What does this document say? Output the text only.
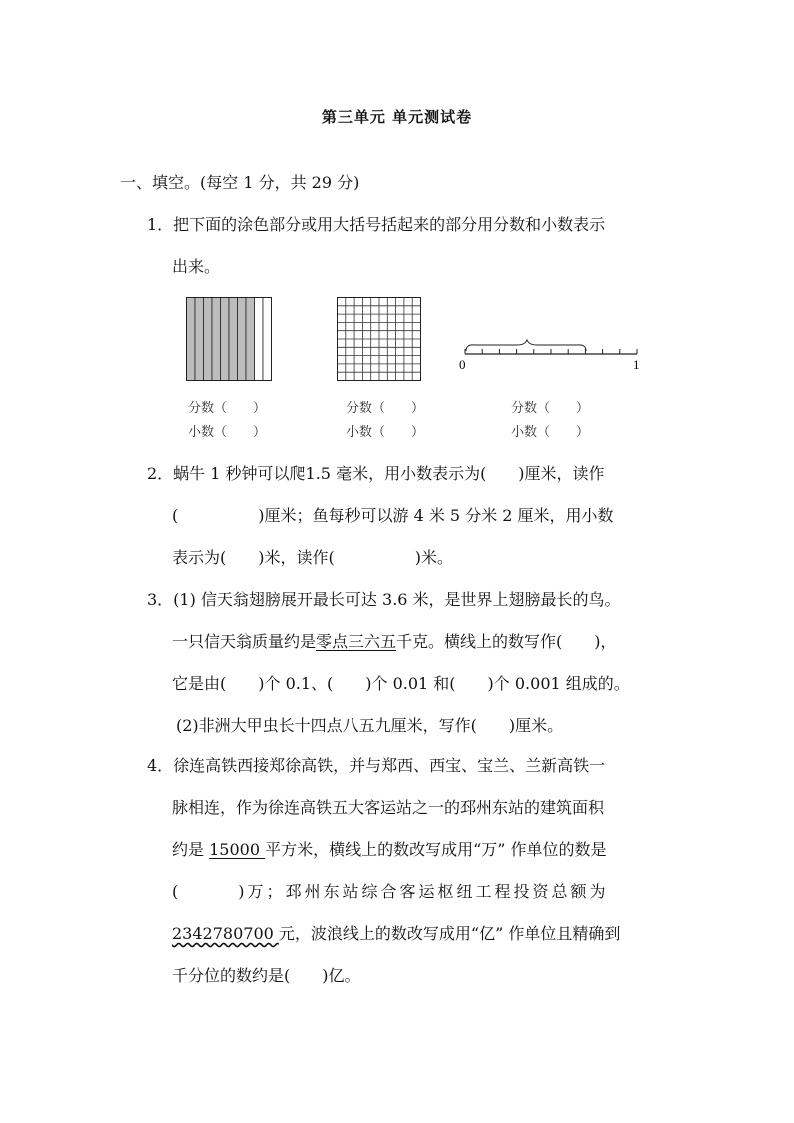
第三单元 单元测试卷
一、填空。(每空 1 分，共 29 分)
1．把下面的涂色部分或用大括号括起来的部分用分数和小数表示
出来。
0	1
分数（　　）
小数（　　）
分数（　　）
小数（　　）
分数（　　）
小数（　　）
2．蜗牛 1 秒钟可以爬1.5 毫米，用小数表示为(　　)厘米，读作
(　　　　　)厘米；鱼每秒可以游 4 米 5 分米 2 厘米，用小数
表示为(　　)米，读作(　　　　　)米。
3．(1) 信天翁翅膀展开最长可达 3.6 米，是世界上翅膀最长的鸟。
一只信天翁质量约是零点三六五千克。横线上的数写作(　　)，
它是由(　　)个 0.1、(　　)个 0.01 和(　　)个 0.001 组成的。
(2)非洲大甲虫长十四点八五九厘米，写作(　　)厘米。
4．徐连高铁西接郑徐高铁，并与郑西、西宝、宝兰、兰新高铁一
脉相连，作为徐连高铁五大客运站之一的邳州东站的建筑面积
约是 15000 平方米，横线上的数改写成用“万” 作单位的数是
(　　　)万；邳州东站综合客运枢纽工程投资总额为
2342780700 元，波浪线上的数改写成用“亿” 作单位且精确到
千分位的数约是(　　)亿。
